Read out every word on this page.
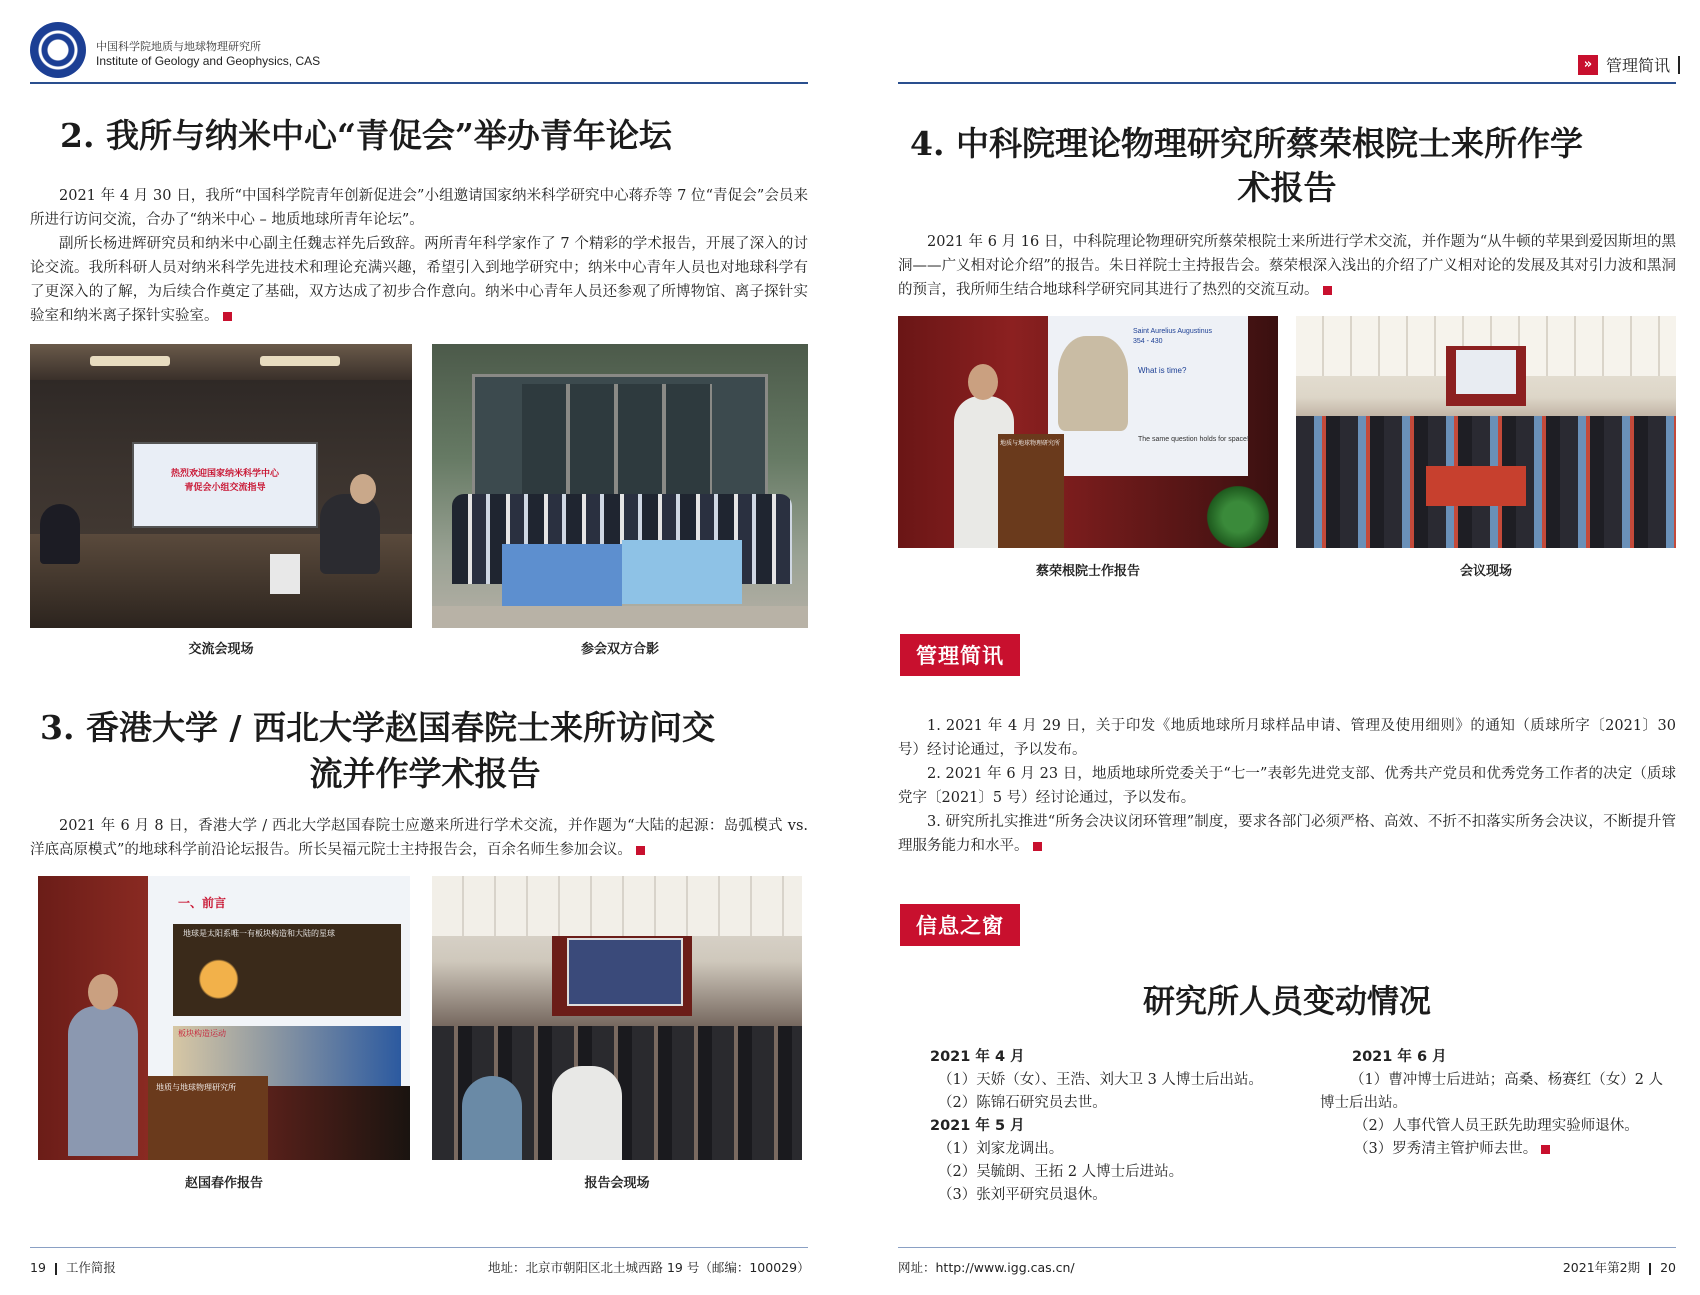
中国科学院地质与地球物理研究所
Institute of Geology and Geophysics, CAS
2. 我所与纳米中心“青促会”举办青年论坛

2021 年 4 月 30 日，我所“中国科学院青年创新促进会”小组邀请国家纳米科学研究中心蒋乔等 7 位“青促会”会员来所进行访问交流，合办了“纳米中心 – 地质地球所青年论坛”。

副所长杨进辉研究员和纳米中心副主任魏志祥先后致辞。两所青年科学家作了 7 个精彩的学术报告，开展了深入的讨论交流。我所科研人员对纳米科学先进技术和理论充满兴趣，希望引入到地学研究中；纳米中心青年人员也对地球科学有了更深入的了解，为后续合作奠定了基础，双方达成了初步合作意向。纳米中心青年人员还参观了所博物馆、离子探针实验室和纳米离子探针实验室。

热烈欢迎国家纳米科学中心
青促会小组交流指导
交流会现场	参会双方合影
3. 香港大学 / 西北大学赵国春院士来所访问交
流并作学术报告

2021 年 6 月 8 日，香港大学 / 西北大学赵国春院士应邀来所进行学术交流，并作题为“大陆的起源：岛弧模式 vs. 洋底高原模式”的地球科学前沿论坛报告。所长吴福元院士主持报告会，百余名师生参加会议。

一、前言
地球是太阳系唯一有板块构造和大陆的星球
板块构造运动
地质与地球物理研究所
赵国春作报告	报告会现场
19 工作简报	地址：北京市朝阳区北土城西路 19 号（邮编：100029）
» 管理简讯
4. 中科院理论物理研究所蔡荣根院士来所作学
术报告

2021 年 6 月 16 日，中科院理论物理研究所蔡荣根院士来所进行学术交流，并作题为“从牛顿的苹果到爱因斯坦的黑洞——广义相对论介绍”的报告。朱日祥院士主持报告会。蔡荣根深入浅出的介绍了广义相对论的发展及其对引力波和黑洞的预言，我所师生结合地球科学研究同其进行了热烈的交流互动。

Saint Aurelius Augustinus
354 - 430
What is time?
The same question holds for space!
地质与地球物理研究所
蔡荣根院士作报告	会议现场
管理简讯

1. 2021 年 4 月 29 日，关于印发《地质地球所月球样品申请、管理及使用细则》的通知（质球所字〔2021〕30 号）经讨论通过，予以发布。

2. 2021 年 6 月 23 日，地质地球所党委关于“七一”表彰先进党支部、优秀共产党员和优秀党务工作者的决定（质球党字〔2021〕5 号）经讨论通过，予以发布。

3. 研究所扎实推进“所务会决议闭环管理”制度，要求各部门必须严格、高效、不折不扣落实所务会决议，不断提升管理服务能力和水平。

信息之窗
研究所人员变动情况
2021 年 4 月
（1）天娇（女）、王浩、刘大卫 3 人博士后出站。
（2）陈锦石研究员去世。
2021 年 5 月
（1）刘家龙调出。
（2）吴毓朗、王拓 2 人博士后进站。
（3）张刘平研究员退休。
2021 年 6 月
（1）曹冲博士后进站；高桑、杨赛红（女）2 人博士后出站。
（2）人事代管人员王跃先助理实验师退休。
（3）罗秀清主管护师去世。
网址：http://www.igg.cas.cn/	2021年第2期 20
